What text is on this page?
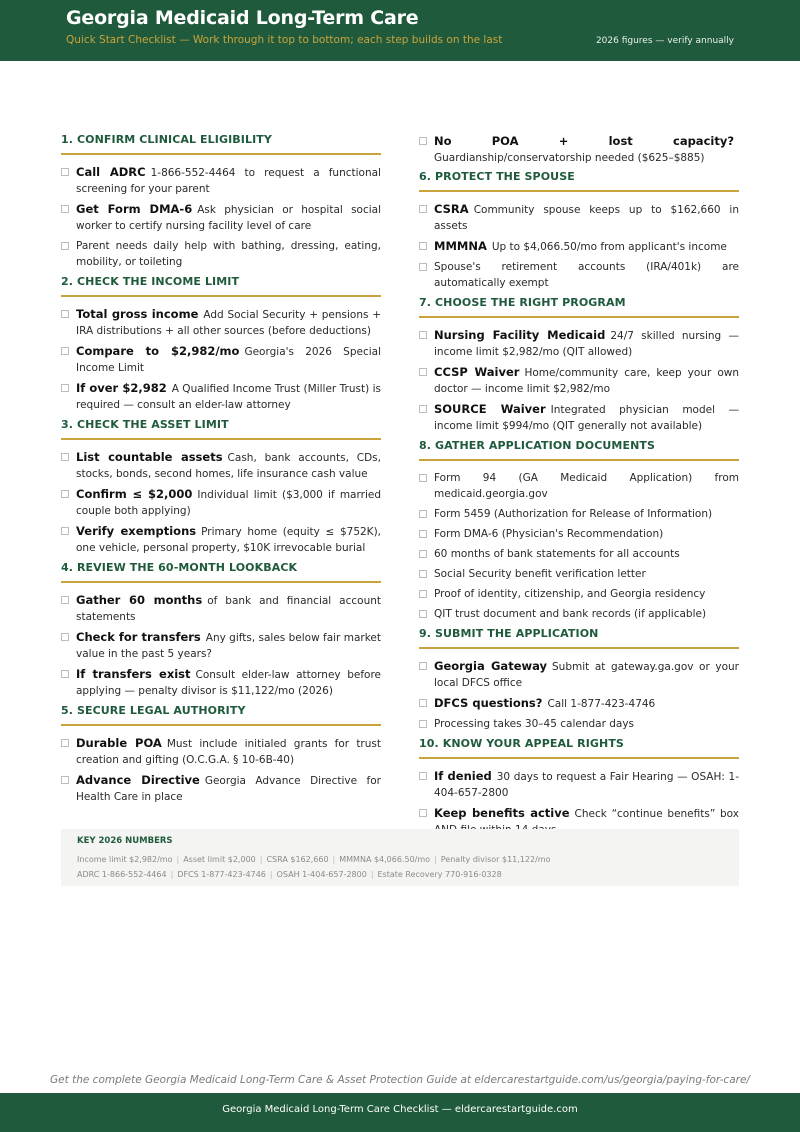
Georgia Medicaid Long-Term Care
Quick Start Checklist — Work through it top to bottom; each step builds on the last	2026 figures — verify annually
1. CONFIRM CLINICAL ELIGIBILITY
Call ADRC 1-866-552-4464 to request a functional screening for your parent
Get Form DMA-6 Ask physician or hospital social worker to certify nursing facility level of care
Parent needs daily help with bathing, dressing, eating, mobility, or toileting
2. CHECK THE INCOME LIMIT
Total gross income Add Social Security + pensions + IRA distributions + all other sources (before deductions)
Compare to $2,982/mo Georgia's 2026 Special Income Limit
If over $2,982 A Qualified Income Trust (Miller Trust) is required — consult an elder-law attorney
3. CHECK THE ASSET LIMIT
List countable assets Cash, bank accounts, CDs, stocks, bonds, second homes, life insurance cash value
Confirm ≤ $2,000 Individual limit ($3,000 if married couple both applying)
Verify exemptions Primary home (equity ≤ $752K), one vehicle, personal property, $10K irrevocable burial
4. REVIEW THE 60-MONTH LOOKBACK
Gather 60 months of bank and financial account statements
Check for transfers Any gifts, sales below fair market value in the past 5 years?
If transfers exist Consult elder-law attorney before applying — penalty divisor is $11,122/mo (2026)
5. SECURE LEGAL AUTHORITY
Durable POA Must include initialed grants for trust creation and gifting (O.C.G.A. § 10-6B-40)
Advance Directive Georgia Advance Directive for Health Care in place
No POA + lost capacity?Guardianship/conservatorship needed ($625–$885)
6. PROTECT THE SPOUSE
CSRA Community spouse keeps up to $162,660 in assets
MMMNA Up to $4,066.50/mo from applicant's income
Spouse's retirement accounts (IRA/401k) are automatically exempt
7. CHOOSE THE RIGHT PROGRAM
Nursing Facility Medicaid 24/7 skilled nursing — income limit $2,982/mo (QIT allowed)
CCSP Waiver Home/community care, keep your own doctor — income limit $2,982/mo
SOURCE Waiver Integrated physician model — income limit $994/mo (QIT generally not available)
8. GATHER APPLICATION DOCUMENTS
Form 94 (GA Medicaid Application) from medicaid.georgia.gov
Form 5459 (Authorization for Release of Information)
Form DMA-6 (Physician's Recommendation)
60 months of bank statements for all accounts
Social Security benefit verification letter
Proof of identity, citizenship, and Georgia residency
QIT trust document and bank records (if applicable)
9. SUBMIT THE APPLICATION
Georgia Gateway Submit at gateway.ga.gov or your local DFCS office
DFCS questions? Call 1-877-423-4746
Processing takes 30–45 calendar days
10. KNOW YOUR APPEAL RIGHTS
If denied 30 days to request a Fair Hearing — OSAH: 1-404-657-2800
Keep benefits active Check “continue benefits” box
KEY 2026 NUMBERS
Income limit $2,982/mo | Asset limit $2,000 | CSRA $162,660 | MMMNA $4,066.50/mo | Penalty divisor $11,122/mo
ADRC 1-866-552-4464 | DFCS 1-877-423-4746 | OSAH 1-404-657-2800 | Estate Recovery 770-916-0328
Get the complete Georgia Medicaid Long-Term Care & Asset Protection Guide at eldercarestartguide.com/us/georgia/paying-for-care/
Georgia Medicaid Long-Term Care Checklist — eldercarestartguide.com
